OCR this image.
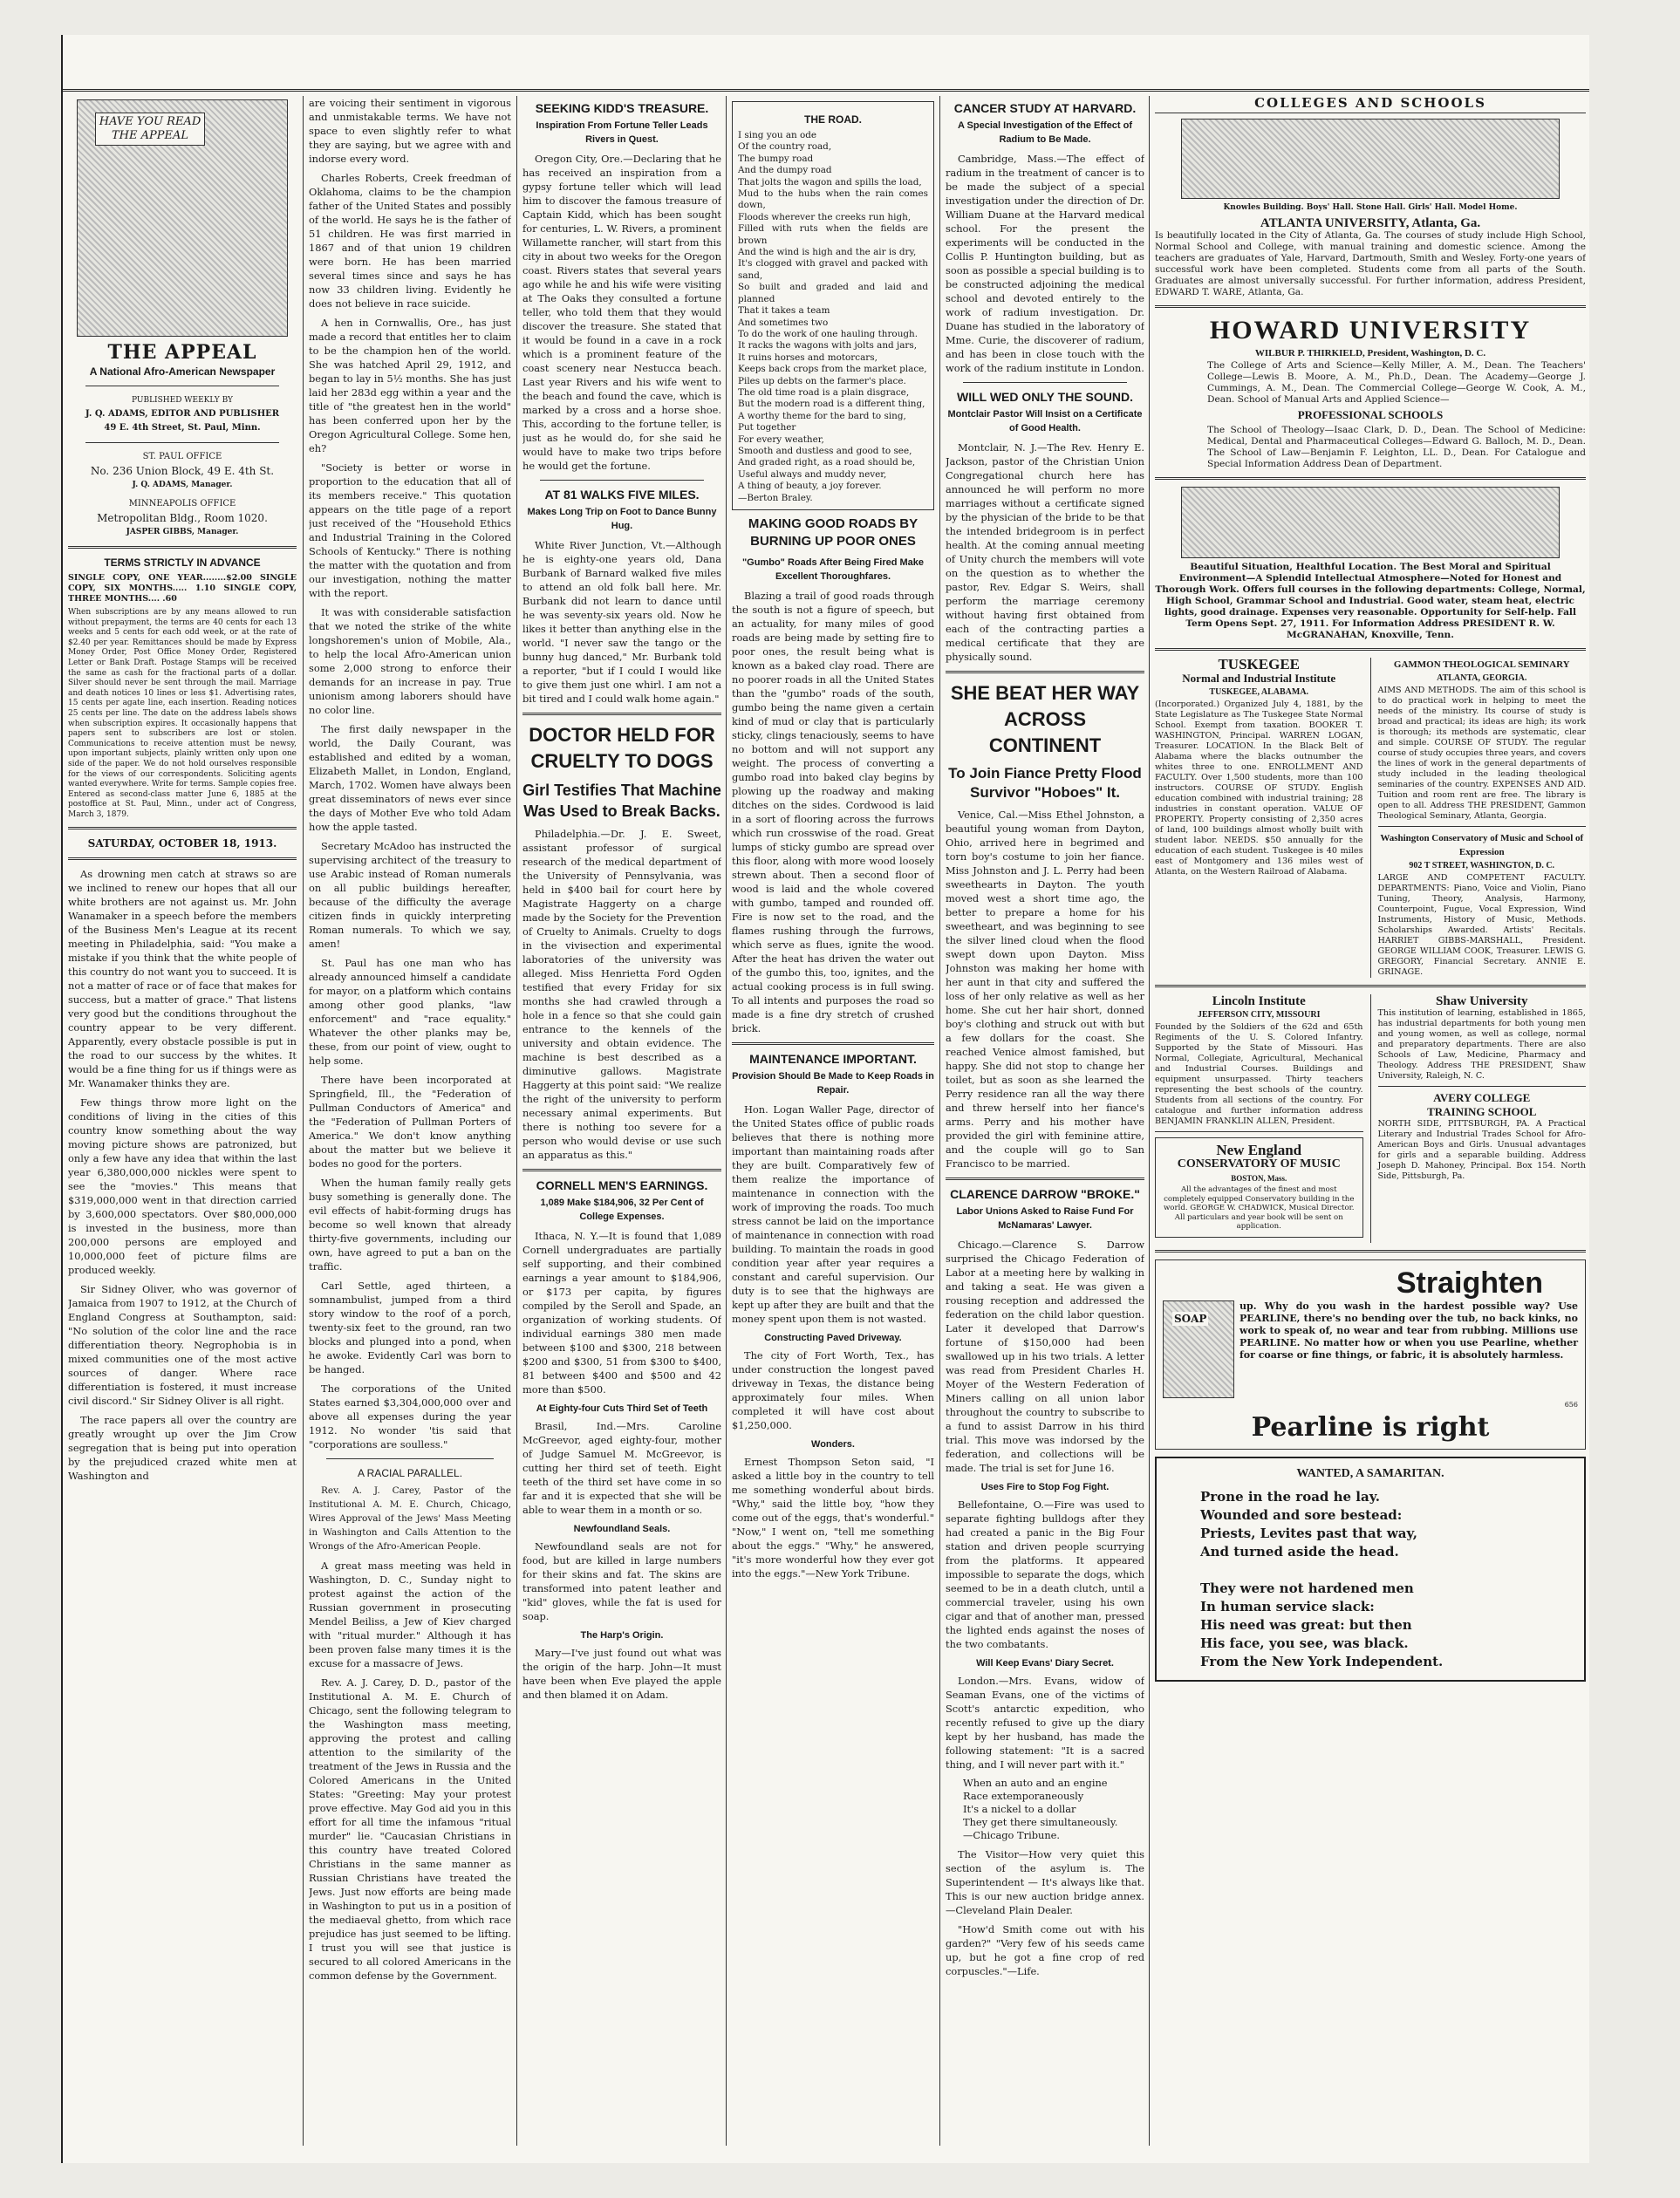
HAVE YOU READ THE APPEAL
THE APPEAL
A National Afro-American Newspaper
PUBLISHED WEEKLY BY
J. Q. ADAMS, EDITOR AND PUBLISHER
49 E. 4th Street, St. Paul, Minn.
ST. PAUL OFFICE
No. 236 Union Block, 49 E. 4th St.
J. Q. ADAMS, Manager.
MINNEAPOLIS OFFICE
Metropolitan Bldg., Room 1020.
JASPER GIBBS, Manager.
TERMS STRICTLY IN ADVANCE
SINGLE COPY, ONE YEAR........$2.00 SINGLE COPY, SIX MONTHS..... 1.10 SINGLE COPY, THREE MONTHS.... .60
When subscriptions are by any means allowed to run without prepayment, the terms are 40 cents for each 13 weeks and 5 cents for each odd week, or at the rate of $2.40 per year. Remittances should be made by Express Money Order, Post Office Money Order, Registered Letter or Bank Draft. Postage Stamps will be received the same as cash for the fractional parts of a dollar. Silver should never be sent through the mail. Marriage and death notices 10 lines or less $1. Advertising rates, 15 cents per agate line, each insertion. Reading notices 25 cents per line. The date on the address labels shows when subscription expires. It occasionally happens that papers sent to subscribers are lost or stolen. Communications to receive attention must be newsy, upon important subjects, plainly written only upon one side of the paper. We do not hold ourselves responsible for the views of our correspondents. Soliciting agents wanted everywhere. Write for terms. Sample copies free. Entered as second-class matter June 6, 1885 at the postoffice at St. Paul, Minn., under act of Congress, March 3, 1879.
SATURDAY, OCTOBER 18, 1913.

As drowning men catch at straws so are we inclined to renew our hopes that all our white brothers are not against us. Mr. John Wanamaker in a speech before the members of the Business Men's League at its recent meeting in Philadelphia, said: "You make a mistake if you think that the white people of this country do not want you to succeed. It is not a matter of race or of face that makes for success, but a matter of grace." That listens very good but the conditions throughout the country appear to be very different. Apparently, every obstacle possible is put in the road to our success by the whites. It would be a fine thing for us if things were as Mr. Wanamaker thinks they are.

Few things throw more light on the conditions of living in the cities of this country know something about the way moving picture shows are patronized, but only a few have any idea that within the last year 6,380,000,000 nickles were spent to see the "movies." This means that $319,000,000 went in that direction carried by 3,600,000 spectators. Over $80,000,000 is invested in the business, more than 200,000 persons are employed and 10,000,000 feet of picture films are produced weekly.

Sir Sidney Oliver, who was governor of Jamaica from 1907 to 1912, at the Church of England Congress at Southampton, said: "No solution of the color line and the race differentiation theory. Negrophobia is in mixed communities one of the most active sources of danger. Where race differentiation is fostered, it must increase civil discord." Sir Sidney Oliver is all right.

The race papers all over the country are greatly wrought up over the Jim Crow segregation that is being put into operation by the prejudiced crazed white men at Washington and

are voicing their sentiment in vigorous and unmistakable terms. We have not space to even slightly refer to what they are saying, but we agree with and indorse every word.

Charles Roberts, Creek freedman of Oklahoma, claims to be the champion father of the United States and possibly of the world. He says he is the father of 51 children. He was first married in 1867 and of that union 19 children were born. He has been married several times since and says he has now 33 children living. Evidently he does not believe in race suicide.

A hen in Cornwallis, Ore., has just made a record that entitles her to claim to be the champion hen of the world. She was hatched April 29, 1912, and began to lay in 5½ months. She has just laid her 283d egg within a year and the title of "the greatest hen in the world" has been conferred upon her by the Oregon Agricultural College. Some hen, eh?

"Society is better or worse in proportion to the education that all of its members receive." This quotation appears on the title page of a report just received of the "Household Ethics and Industrial Training in the Colored Schools of Kentucky." There is nothing the matter with the quotation and from our investigation, nothing the matter with the report.

It was with considerable satisfaction that we noted the strike of the white longshoremen's union of Mobile, Ala., to help the local Afro-American union some 2,000 strong to enforce their demands for an increase in pay. True unionism among laborers should have no color line.

The first daily newspaper in the world, the Daily Courant, was established and edited by a woman, Elizabeth Mallet, in London, England, March, 1702. Women have always been great disseminators of news ever since the days of Mother Eve who told Adam how the apple tasted.

Secretary McAdoo has instructed the supervising architect of the treasury to use Arabic instead of Roman numerals on all public buildings hereafter, because of the difficulty the average citizen finds in quickly interpreting Roman numerals. To which we say, amen!

St. Paul has one man who has already announced himself a candidate for mayor, on a platform which contains among other good planks, "law enforcement" and "race equality." Whatever the other planks may be, these, from our point of view, ought to help some.

There have been incorporated at Springfield, Ill., the "Federation of Pullman Conductors of America" and the "Federation of Pullman Porters of America." We don't know anything about the matter but we believe it bodes no good for the porters.

When the human family really gets busy something is generally done. The evil effects of habit-forming drugs has become so well known that already thirty-five governments, including our own, have agreed to put a ban on the traffic.

Carl Settle, aged thirteen, a somnambulist, jumped from a third story window to the roof of a porch, twenty-six feet to the ground, ran two blocks and plunged into a pond, when he awoke. Evidently Carl was born to be hanged.

The corporations of the United States earned $3,304,000,000 over and above all expenses during the year 1912. No wonder 'tis said that "corporations are soulless."

A RACIAL PARALLEL.

Rev. A. J. Carey, Pastor of the Institutional A. M. E. Church, Chicago, Wires Approval of the Jews' Mass Meeting in Washington and Calls Attention to the Wrongs of the Afro-American People.

A great mass meeting was held in Washington, D. C., Sunday night to protest against the action of the Russian government in prosecuting Mendel Beiliss, a Jew of Kiev charged with "ritual murder." Although it has been proven false many times it is the excuse for a massacre of Jews.

Rev. A. J. Carey, D. D., pastor of the Institutional A. M. E. Church of Chicago, sent the following telegram to the Washington mass meeting, approving the protest and calling attention to the similarity of the treatment of the Jews in Russia and the Colored Americans in the United States: "Greeting: May your protest prove effective. May God aid you in this effort for all time the infamous "ritual murder" lie. "Caucasian Christians in this country have treated Colored Christians in the same manner as Russian Christians have treated the Jews. Just now efforts are being made in Washington to put us in a position of the mediaeval ghetto, from which race prejudice has just seemed to be lifting. I trust you will see that justice is secured to all colored Americans in the common defense by the Government.

SEEKING KIDD'S TREASURE.
Inspiration From Fortune Teller Leads Rivers in Quest.

Oregon City, Ore.—Declaring that he has received an inspiration from a gypsy fortune teller which will lead him to discover the famous treasure of Captain Kidd, which has been sought for centuries, L. W. Rivers, a prominent Willamette rancher, will start from this city in about two weeks for the Oregon coast. Rivers states that several years ago while he and his wife were visiting at The Oaks they consulted a fortune teller, who told them that they would discover the treasure. She stated that it would be found in a cave in a rock which is a prominent feature of the coast scenery near Nestucca beach. Last year Rivers and his wife went to the beach and found the cave, which is marked by a cross and a horse shoe. This, according to the fortune teller, is just as he would do, for she said he would have to make two trips before he would get the fortune.

AT 81 WALKS FIVE MILES.
Makes Long Trip on Foot to Dance Bunny Hug.

White River Junction, Vt.—Although he is eighty-one years old, Dana Burbank of Barnard walked five miles to attend an old folk ball here. Mr. Burbank did not learn to dance until he was seventy-six years old. Now he likes it better than anything else in the world. "I never saw the tango or the bunny hug danced," Mr. Burbank told a reporter, "but if I could I would like to give them just one whirl. I am not a bit tired and I could walk home again."

DOCTOR HELD FOR CRUELTY TO DOGS
Girl Testifies That Machine Was Used to Break Backs.

Philadelphia.—Dr. J. E. Sweet, assistant professor of surgical research of the medical department of the University of Pennsylvania, was held in $400 bail for court here by Magistrate Haggerty on a charge made by the Society for the Prevention of Cruelty to Animals. Cruelty to dogs in the vivisection and experimental laboratories of the university was alleged. Miss Henrietta Ford Ogden testified that every Friday for six months she had crawled through a hole in a fence so that she could gain entrance to the kennels of the university and obtain evidence. The machine is best described as a diminutive gallows. Magistrate Haggerty at this point said: "We realize the right of the university to perform necessary animal experiments. But there is nothing too severe for a person who would devise or use such an apparatus as this."

CORNELL MEN'S EARNINGS.
1,089 Make $184,906, 32 Per Cent of College Expenses.

Ithaca, N. Y.—It is found that 1,089 Cornell undergraduates are partially self supporting, and their combined earnings a year amount to $184,906, or $173 per capita, by figures compiled by the Seroll and Spade, an organization of working students. Of individual earnings 380 men made between $100 and $300, 218 between $200 and $300, 51 from $300 to $400, 81 between $400 and $500 and 42 more than $500.

At Eighty-four Cuts Third Set of Teeth

Brasil, Ind.—Mrs. Caroline McGreevor, aged eighty-four, mother of Judge Samuel M. McGreevor, is cutting her third set of teeth. Eight teeth of the third set have come in so far and it is expected that she will be able to wear them in a month or so.

Newfoundland Seals.

Newfoundland seals are not for food, but are killed in large numbers for their skins and fat. The skins are transformed into patent leather and "kid" gloves, while the fat is used for soap.

The Harp's Origin.

Mary—I've just found out what was the origin of the harp. John—It must have been when Eve played the apple and then blamed it on Adam.

THE ROAD.
I sing you an ode
Of the country road,
The bumpy road
And the dumpy road
That jolts the wagon and spills the load,
Mud to the hubs when the rain comes down,
Floods wherever the creeks run high,
Filled with ruts when the fields are brown
And the wind is high and the air is dry,
It's clogged with gravel and packed with sand,
So built and graded and laid and planned
That it takes a team
And sometimes two
To do the work of one hauling through.
It racks the wagons with jolts and jars,
It ruins horses and motorcars,
Keeps back crops from the market place,
Piles up debts on the farmer's place.
The old time road is a plain disgrace,
But the modern road is a different thing,
A worthy theme for the bard to sing,
Put together
For every weather,
Smooth and dustless and good to see,
And graded right, as a road should be,
Useful always and muddy never,
A thing of beauty, a joy forever.
—Berton Braley.
MAKING GOOD ROADS BY BURNING UP POOR ONES
"Gumbo" Roads After Being Fired Make Excellent Thoroughfares.

Blazing a trail of good roads through the south is not a figure of speech, but an actuality, for many miles of good roads are being made by setting fire to poor ones, the result being what is known as a baked clay road. There are no poorer roads in all the United States than the "gumbo" roads of the south, gumbo being the name given a certain kind of mud or clay that is particularly sticky, clings tenaciously, seems to have no bottom and will not support any weight. The process of converting a gumbo road into baked clay begins by plowing up the roadway and making ditches on the sides. Cordwood is laid in a sort of flooring across the furrows which run crosswise of the road. Great lumps of sticky gumbo are spread over this floor, along with more wood loosely strewn about. Then a second floor of wood is laid and the whole covered with gumbo, tamped and rounded off. Fire is now set to the road, and the flames rushing through the furrows, which serve as flues, ignite the wood. After the heat has driven the water out of the gumbo this, too, ignites, and the actual cooking process is in full swing. To all intents and purposes the road so made is a fine dry stretch of crushed brick.

MAINTENANCE IMPORTANT.
Provision Should Be Made to Keep Roads in Repair.

Hon. Logan Waller Page, director of the United States office of public roads believes that there is nothing more important than maintaining roads after they are built. Comparatively few of them realize the importance of maintenance in connection with the work of improving the roads. Too much stress cannot be laid on the importance of maintenance in connection with road building. To maintain the roads in good condition year after year requires a constant and careful supervision. Our duty is to see that the highways are kept up after they are built and that the money spent upon them is not wasted.

Constructing Paved Driveway.

The city of Fort Worth, Tex., has under construction the longest paved driveway in Texas, the distance being approximately four miles. When completed it will have cost about $1,250,000.

Wonders.

Ernest Thompson Seton said, "I asked a little boy in the country to tell me something wonderful about birds. "Why," said the little boy, "how they come out of the eggs, that's wonderful." "Now," I went on, "tell me something about the eggs." "Why," he answered, "it's more wonderful how they ever got into the eggs."—New York Tribune.

CANCER STUDY AT HARVARD.
A Special Investigation of the Effect of Radium to Be Made.

Cambridge, Mass.—The effect of radium in the treatment of cancer is to be made the subject of a special investigation under the direction of Dr. William Duane at the Harvard medical school. For the present the experiments will be conducted in the Collis P. Huntington building, but as soon as possible a special building is to be constructed adjoining the medical school and devoted entirely to the work of radium investigation. Dr. Duane has studied in the laboratory of Mme. Curie, the discoverer of radium, and has been in close touch with the work of the radium institute in London.

WILL WED ONLY THE SOUND.
Montclair Pastor Will Insist on a Certificate of Good Health.

Montclair, N. J.—The Rev. Henry E. Jackson, pastor of the Christian Union Congregational church here has announced he will perform no more marriages without a certificate signed by the physician of the bride to be that the intended bridegroom is in perfect health. At the coming annual meeting of Unity church the members will vote on the question as to whether the pastor, Rev. Edgar S. Weirs, shall perform the marriage ceremony without having first obtained from each of the contracting parties a medical certificate that they are physically sound.

SHE BEAT HER WAY ACROSS CONTINENT
To Join Fiance Pretty Flood Survivor "Hoboes" It.

Venice, Cal.—Miss Ethel Johnston, a beautiful young woman from Dayton, Ohio, arrived here in begrimed and torn boy's costume to join her fiance. Miss Johnston and J. L. Perry had been sweethearts in Dayton. The youth moved west a short time ago, the better to prepare a home for his sweetheart, and was beginning to see the silver lined cloud when the flood swept down upon Dayton. Miss Johnston was making her home with her aunt in that city and suffered the loss of her only relative as well as her home. She cut her hair short, donned boy's clothing and struck out with but a few dollars for the coast. She reached Venice almost famished, but happy. She did not stop to change her toilet, but as soon as she learned the Perry residence ran all the way there and threw herself into her fiance's arms. Perry and his mother have provided the girl with feminine attire, and the couple will go to San Francisco to be married.

CLARENCE DARROW "BROKE."
Labor Unions Asked to Raise Fund For McNamaras' Lawyer.

Chicago.—Clarence S. Darrow surprised the Chicago Federation of Labor at a meeting here by walking in and taking a seat. He was given a rousing reception and addressed the federation on the child labor question. Later it developed that Darrow's fortune of $150,000 had been swallowed up in his two trials. A letter was read from President Charles H. Moyer of the Western Federation of Miners calling on all union labor throughout the country to subscribe to a fund to assist Darrow in his third trial. This move was indorsed by the federation, and collections will be made. The trial is set for June 16.

Uses Fire to Stop Fog Fight.

Bellefontaine, O.—Fire was used to separate fighting bulldogs after they had created a panic in the Big Four station and driven people scurrying from the platforms. It appeared impossible to separate the dogs, which seemed to be in a death clutch, until a commercial traveler, using his own cigar and that of another man, pressed the lighted ends against the noses of the two combatants.

Will Keep Evans' Diary Secret.

London.—Mrs. Evans, widow of Seaman Evans, one of the victims of Scott's antarctic expedition, who recently refused to give up the diary kept by her husband, has made the following statement: "It is a sacred thing, and I will never part with it."

When an auto and an engine
Race extemporaneously
It's a nickel to a dollar
They get there simultaneously.
—Chicago Tribune.

The Visitor—How very quiet this section of the asylum is. The Superintendent — It's always like that. This is our new auction bridge annex.—Cleveland Plain Dealer.

"How'd Smith come out with his garden?" "Very few of his seeds came up, but he got a fine crop of red corpuscles."—Life.

COLLEGES AND SCHOOLS
Knowles Building. Boys' Hall. Stone Hall. Girls' Hall. Model Home.
ATLANTA UNIVERSITY, Atlanta, Ga.
Is beautifully located in the City of Atlanta, Ga. The courses of study include High School, Normal School and College, with manual training and domestic science. Among the teachers are graduates of Yale, Harvard, Dartmouth, Smith and Wesley. Forty-one years of successful work have been completed. Students come from all parts of the South. Graduates are almost universally successful. For further information, address President, EDWARD T. WARE, Atlanta, Ga.
HOWARD UNIVERSITY
WILBUR P. THIRKIELD, President, Washington, D. C.
The College of Arts and Science—Kelly Miller, A. M., Dean. The Teachers' College—Lewis B. Moore, A. M., Ph.D., Dean. The Academy—George J. Cummings, A. M., Dean. The Commercial College—George W. Cook, A. M., Dean. School of Manual Arts and Applied Science—
PROFESSIONAL SCHOOLS
The School of Theology—Isaac Clark, D. D., Dean. The School of Medicine: Medical, Dental and Pharmaceutical Colleges—Edward G. Balloch, M. D., Dean. The School of Law—Benjamin F. Leighton, LL. D., Dean. For Catalogue and Special Information Address Dean of Department.
Beautiful Situation, Healthful Location. The Best Moral and Spiritual Environment—A Splendid Intellectual Atmosphere—Noted for Honest and Thorough Work. Offers full courses in the following departments: College, Normal, High School, Grammar School and Industrial. Good water, steam heat, electric lights, good drainage. Expenses very reasonable. Opportunity for Self-help. Fall Term Opens Sept. 27, 1911. For Information Address PRESIDENT R. W. McGRANAHAN, Knoxville, Tenn.
TUSKEGEE
Normal and Industrial Institute
TUSKEGEE, ALABAMA.
(Incorporated.) Organized July 4, 1881, by the State Legislature as The Tuskegee State Normal School. Exempt from taxation. BOOKER T. WASHINGTON, Principal. WARREN LOGAN, Treasurer. LOCATION. In the Black Belt of Alabama where the blacks outnumber the whites three to one. ENROLLMENT AND FACULTY. Over 1,500 students, more than 100 instructors. COURSE OF STUDY. English education combined with industrial training; 28 industries in constant operation. VALUE OF PROPERTY. Property consisting of 2,350 acres of land, 100 buildings almost wholly built with student labor. NEEDS. $50 annually for the education of each student. Tuskegee is 40 miles east of Montgomery and 136 miles west of Atlanta, on the Western Railroad of Alabama.
GAMMON THEOLOGICAL SEMINARY
ATLANTA, GEORGIA.
AIMS AND METHODS. The aim of this school is to do practical work in helping to meet the needs of the ministry. Its course of study is broad and practical; its ideas are high; its work is thorough; its methods are systematic, clear and simple. COURSE OF STUDY. The regular course of study occupies three years, and covers the lines of work in the general departments of study included in the leading theological seminaries of the country. EXPENSES AND AID. Tuition and room rent are free. The library is open to all. Address THE PRESIDENT, Gammon Theological Seminary, Atlanta, Georgia.
Washington Conservatory of Music and School of Expression
902 T STREET, WASHINGTON, D. C.
LARGE AND COMPETENT FACULTY. DEPARTMENTS: Piano, Voice and Violin, Piano Tuning, Theory, Analysis, Harmony, Counterpoint, Fugue, Vocal Expression, Wind Instruments, History of Music, Methods. Scholarships Awarded. Artists' Recitals. HARRIET GIBBS-MARSHALL, President. GEORGE WILLIAM COOK, Treasurer. LEWIS G. GREGORY, Financial Secretary. ANNIE E. GRINAGE.
Lincoln Institute
JEFFERSON CITY, MISSOURI
Founded by the Soldiers of the 62d and 65th Regiments of the U. S. Colored Infantry. Supported by the State of Missouri. Has Normal, Collegiate, Agricultural, Mechanical and Industrial Courses. Buildings and equipment unsurpassed. Thirty teachers representing the best schools of the country. Students from all sections of the country. For catalogue and further information address BENJAMIN FRANKLIN ALLEN, President.
New England
CONSERVATORY OF MUSIC
BOSTON, Mass.
All the advantages of the finest and most completely equipped Conservatory building in the world. GEORGE W. CHADWICK, Musical Director. All particulars and year book will be sent on application.
Shaw University
This institution of learning, established in 1865, has industrial departments for both young men and young women, as well as college, normal and preparatory departments. There are also Schools of Law, Medicine, Pharmacy and Theology. Address THE PRESIDENT, Shaw University, Raleigh, N. C.
AVERY COLLEGE
TRAINING SCHOOL
NORTH SIDE, PITTSBURGH, PA. A Practical Literary and Industrial Trades School for Afro-American Boys and Girls. Unusual advantages for girls and a separable building. Address Joseph D. Mahoney, Principal. Box 154. North Side, Pittsburgh, Pa.
Straighten
SOAP
up. Why do you wash in the hardest possible way? Use PEARLINE, there's no bending over the tub, no back kinks, no work to speak of, no wear and tear from rubbing. Millions use PEARLINE. No matter how or when you use Pearline, whether for coarse or fine things, or fabric, it is absolutely harmless.
656
Pearline is right
WANTED, A SAMARITAN.
Prone in the road he lay.
Wounded and sore bestead:
Priests, Levites past that way,
And turned aside the head.

They were not hardened men
In human service slack:
His need was great: but then
His face, you see, was black.
From the New York Independent.
